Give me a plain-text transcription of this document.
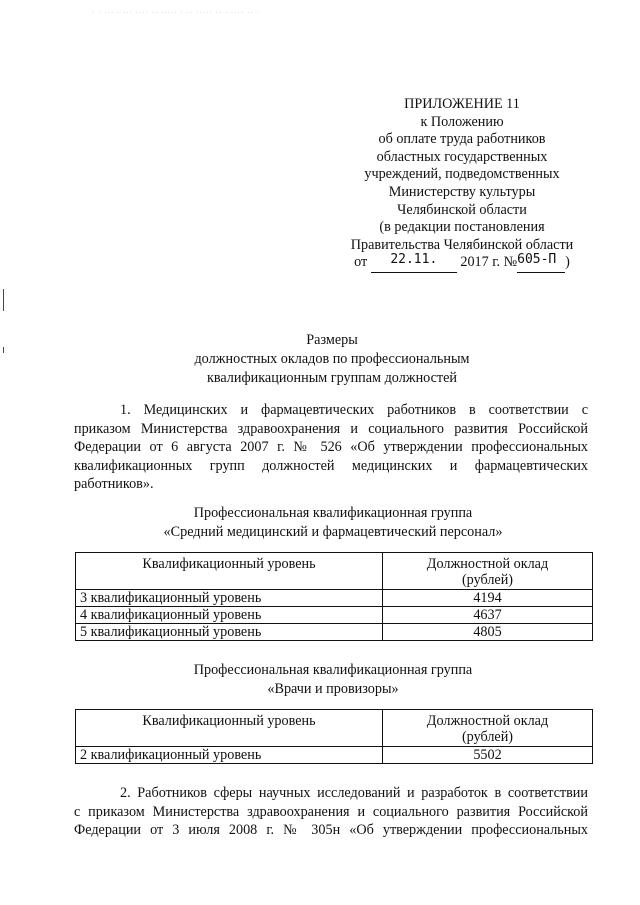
· · ··· · ··· ···· ·· ····· · ·· ····· ·· · ···· ·· ·
ПРИЛОЖЕНИЕ 11
к Положению
об оплате труда работников
областных государственных
учреждений, подведомственных
Министерству культуры
Челябинской области
(в редакции постановления
Правительства Челябинской области
от 22.11. 2017 г. №605-П )
Размеры
должностных окладов по профессиональным
квалификационным группам должностей
1. Медицинских и фармацевтических работников в соответствии с
приказом Министерства здравоохранения и социального развития Российской
Федерации от 6 августа 2007 г. № 526 «Об утверждении профессиональных
квалификационных групп должностей медицинских и фармацевтических
работников».
Профессиональная квалификационная группа
«Средний медицинский и фармацевтический персонал»
Квалификационный уровень	Должностной оклад
(рублей)

3 квалификационный уровень	4194
4 квалификационный уровень	4637
5 квалификационный уровень	4805
Профессиональная квалификационная группа
«Врачи и провизоры»
Квалификационный уровень	Должностной оклад
(рублей)

2 квалификационный уровень	5502
2. Работников сферы научных исследований и разработок в соответствии
с приказом Министерства здравоохранения и социального развития Российской
Федерации от 3 июля 2008 г. № 305н «Об утверждении профессиональных
